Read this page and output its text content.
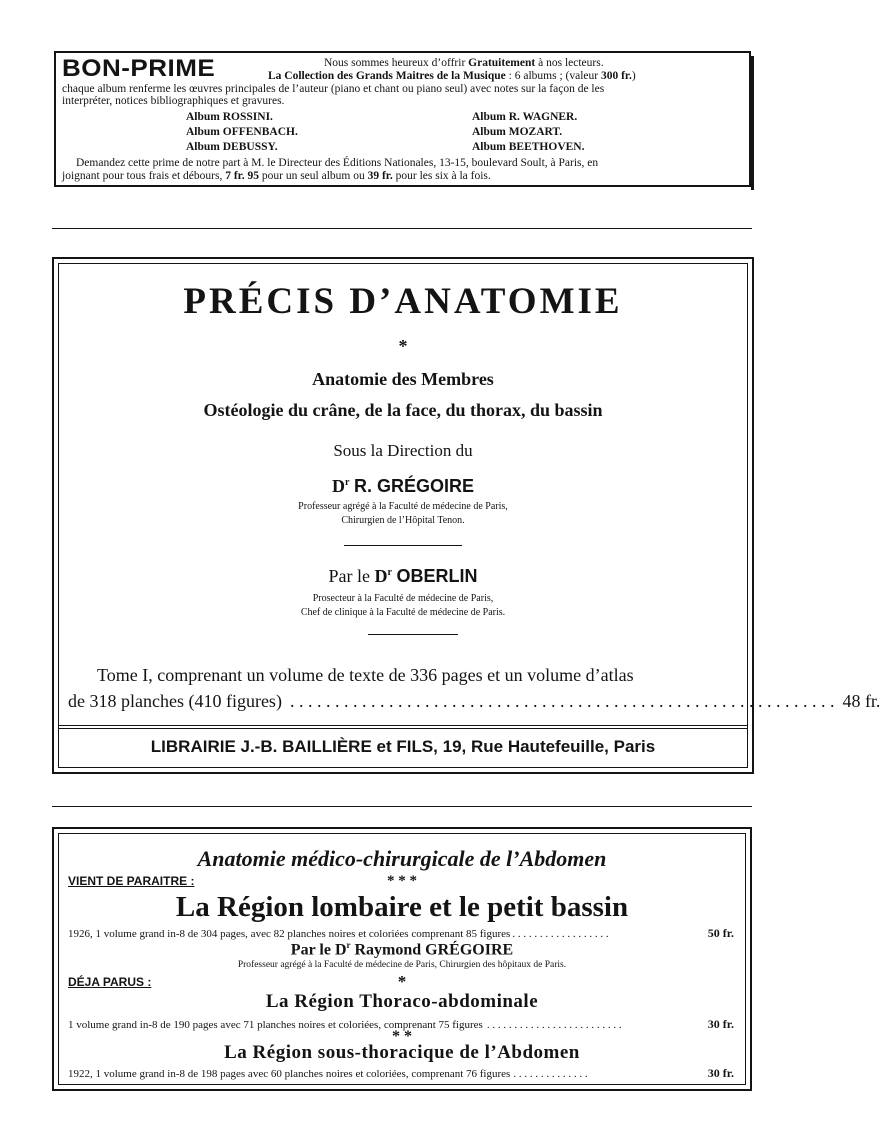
BON-PRIME	Nous sommes heureux d’offrir Gratuitement à nos lecteurs.
La Collection des Grands Maitres de la Musique : 6 albums ; (valeur 300 fr.)
chaque album renferme les œuvres principales de l’auteur (piano et chant ou piano seul) avec notes sur la façon de les
interpréter, notices bibliographiques et gravures.
Album ROSSINI.	Album R. WAGNER.
Album OFFENBACH.	Album MOZART.
Album DEBUSSY.	Album BEETHOVEN.
Demandez cette prime de notre part à M. le Directeur des Éditions Nationales, 13-15, boulevard Soult, à Paris, en
joignant pour tous frais et débours, 7 fr. 95 pour un seul album ou 39 fr. pour les six à la fois.
PRÉCIS D’ANATOMIE
*
Anatomie des Membres
Ostéologie du crâne, de la face, du thorax, du bassin
Sous la Direction du
$D^r$ R. GRÉGOIRE
Professeur agrégé à la Faculté de médecine de Paris,
Chirurgien de l’Hôpital Tenon.
Par le $D^r$ OBERLIN
Prosecteur à la Faculté de médecine de Paris,
Chef de clinique à la Faculté de médecine de Paris.
Tome I, comprenant un volume de texte de 336 pages et un volume d’atlas
de 318 planches (410 figures) . . . . . . . . . . . . . . . . . . . . . . . . . . . . . . . . . . . . . . . . . . . . . . . . . . . . . . . . . . . . . 48 fr.
LIBRAIRIE J.-B. BAILLIÈRE et FILS, 19, Rue Hautefeuille, Paris
Anatomie médico-chirurgicale de l’Abdomen
VIENT DE PARAITRE :	* * *
La Région lombaire et le petit bassin
1926, 1 volume grand in-8 de 304 pages, avec 82 planches noires et coloriées comprenant 85 figures . . . . . . . . . . . . . . . . . .	50 fr.
Par le $D^r$ Raymond GRÉGOIRE
Professeur agrégé à la Faculté de médecine de Paris, Chirurgien des hôpitaux de Paris.
DÉJA PARUS :	*
La Région Thoraco-abdominale
1 volume grand in-8 de 190 pages avec 71 planches noires et coloriées, comprenant 75 figures . . . . . . . . . . . . . . . . . . . . . . . . .	30 fr.
* *
La Région sous-thoracique de l’Abdomen
1922, 1 volume grand in-8 de 198 pages avec 60 planches noires et coloriées, comprenant 76 figures . . . . . . . . . . . . . .	30 fr.
